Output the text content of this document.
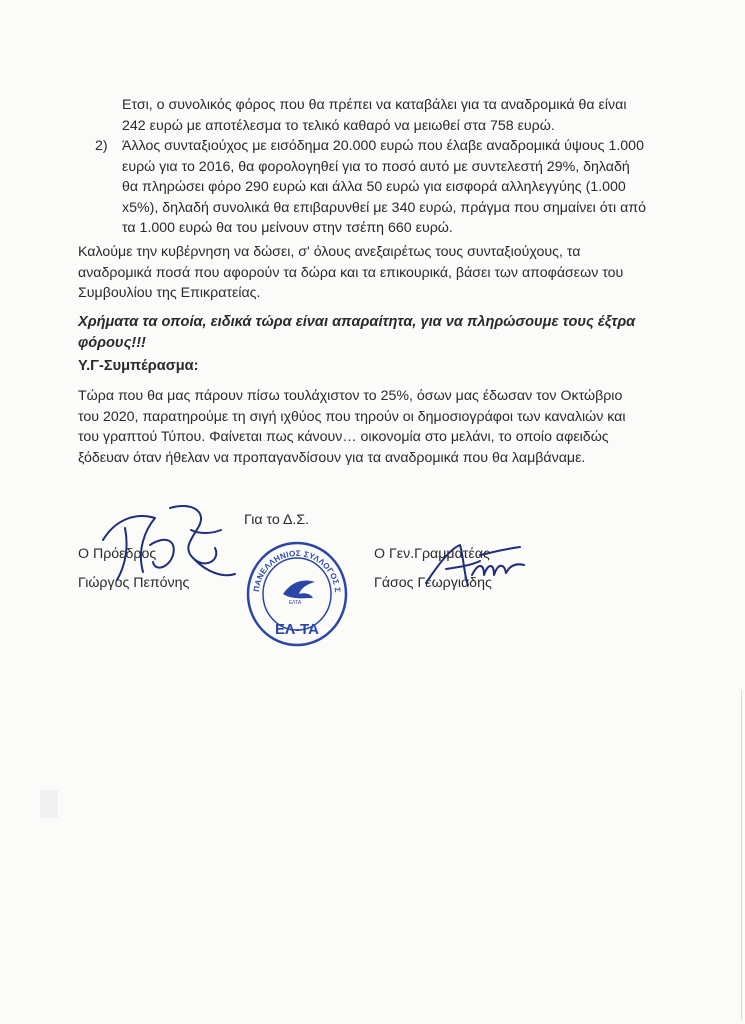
Ετσι, ο συνολικός φόρος που θα πρέπει να καταβάλει για τα αναδρομικά θα είναι
242 ευρώ με αποτέλεσμα το τελικό καθαρό να μειωθεί στα 758 ευρώ.
2) Άλλος συνταξιούχος με εισόδημα 20.000 ευρώ που έλαβε αναδρομικά ύψους 1.000
ευρώ για το 2016, θα φορολογηθεί για το ποσό αυτό με συντελεστή 29%, δηλαδή
θα πληρώσει φόρο 290 ευρώ και άλλα 50 ευρώ για εισφορά αλληλεγγύης (1.000
x5%), δηλαδή συνολικά θα επιβαρυνθεί με 340 ευρώ, πράγμα που σημαίνει ότι από
τα 1.000 ευρώ θα του μείνουν στην τσέπη 660 ευρώ.
Καλούμε την κυβέρνηση να δώσει, σ' όλους ανεξαιρέτως τους συνταξιούχους, τα
αναδρομικά ποσά που αφορούν τα δώρα και τα επικουρικά, βάσει των αποφάσεων του
Συμβουλίου της Επικρατείας.
Χρήματα τα οποία, ειδικά τώρα είναι απαραίτητα, για να πληρώσουμε τους έξτρα
φόρους!!!
Υ.Γ-Συμπέρασμα:
Τώρα που θα μας πάρουν πίσω τουλάχιστον το 25%, όσων μας έδωσαν τον Οκτώβριο
του 2020, παρατηρούμε τη σιγή ιχθύος που τηρούν οι δημοσιογράφοι των καναλιών και
του γραπτού Τύπου. Φαίνεται πως κάνουν… οικονομία στο μελάνι, το οποίο αφειδώς
ξόδευαν όταν ήθελαν να προπαγανδίσουν για τα αναδρομικά που θα λαμβάναμε.
Για το Δ.Σ.
Ο Πρόεδρος
Γιώργος Πεπόνης
Ο Γεν.Γραμματέας
Γάσος Γεωργιάδης
ΠΑΝΕΛΛΗΝΙΟΣ ΣΥΛΛΟΓΟΣ ΣΥΝΤΑΞΙΟΥΧΩΝ
ΕΛΤΑ
ΕΛ-ΤΑ
